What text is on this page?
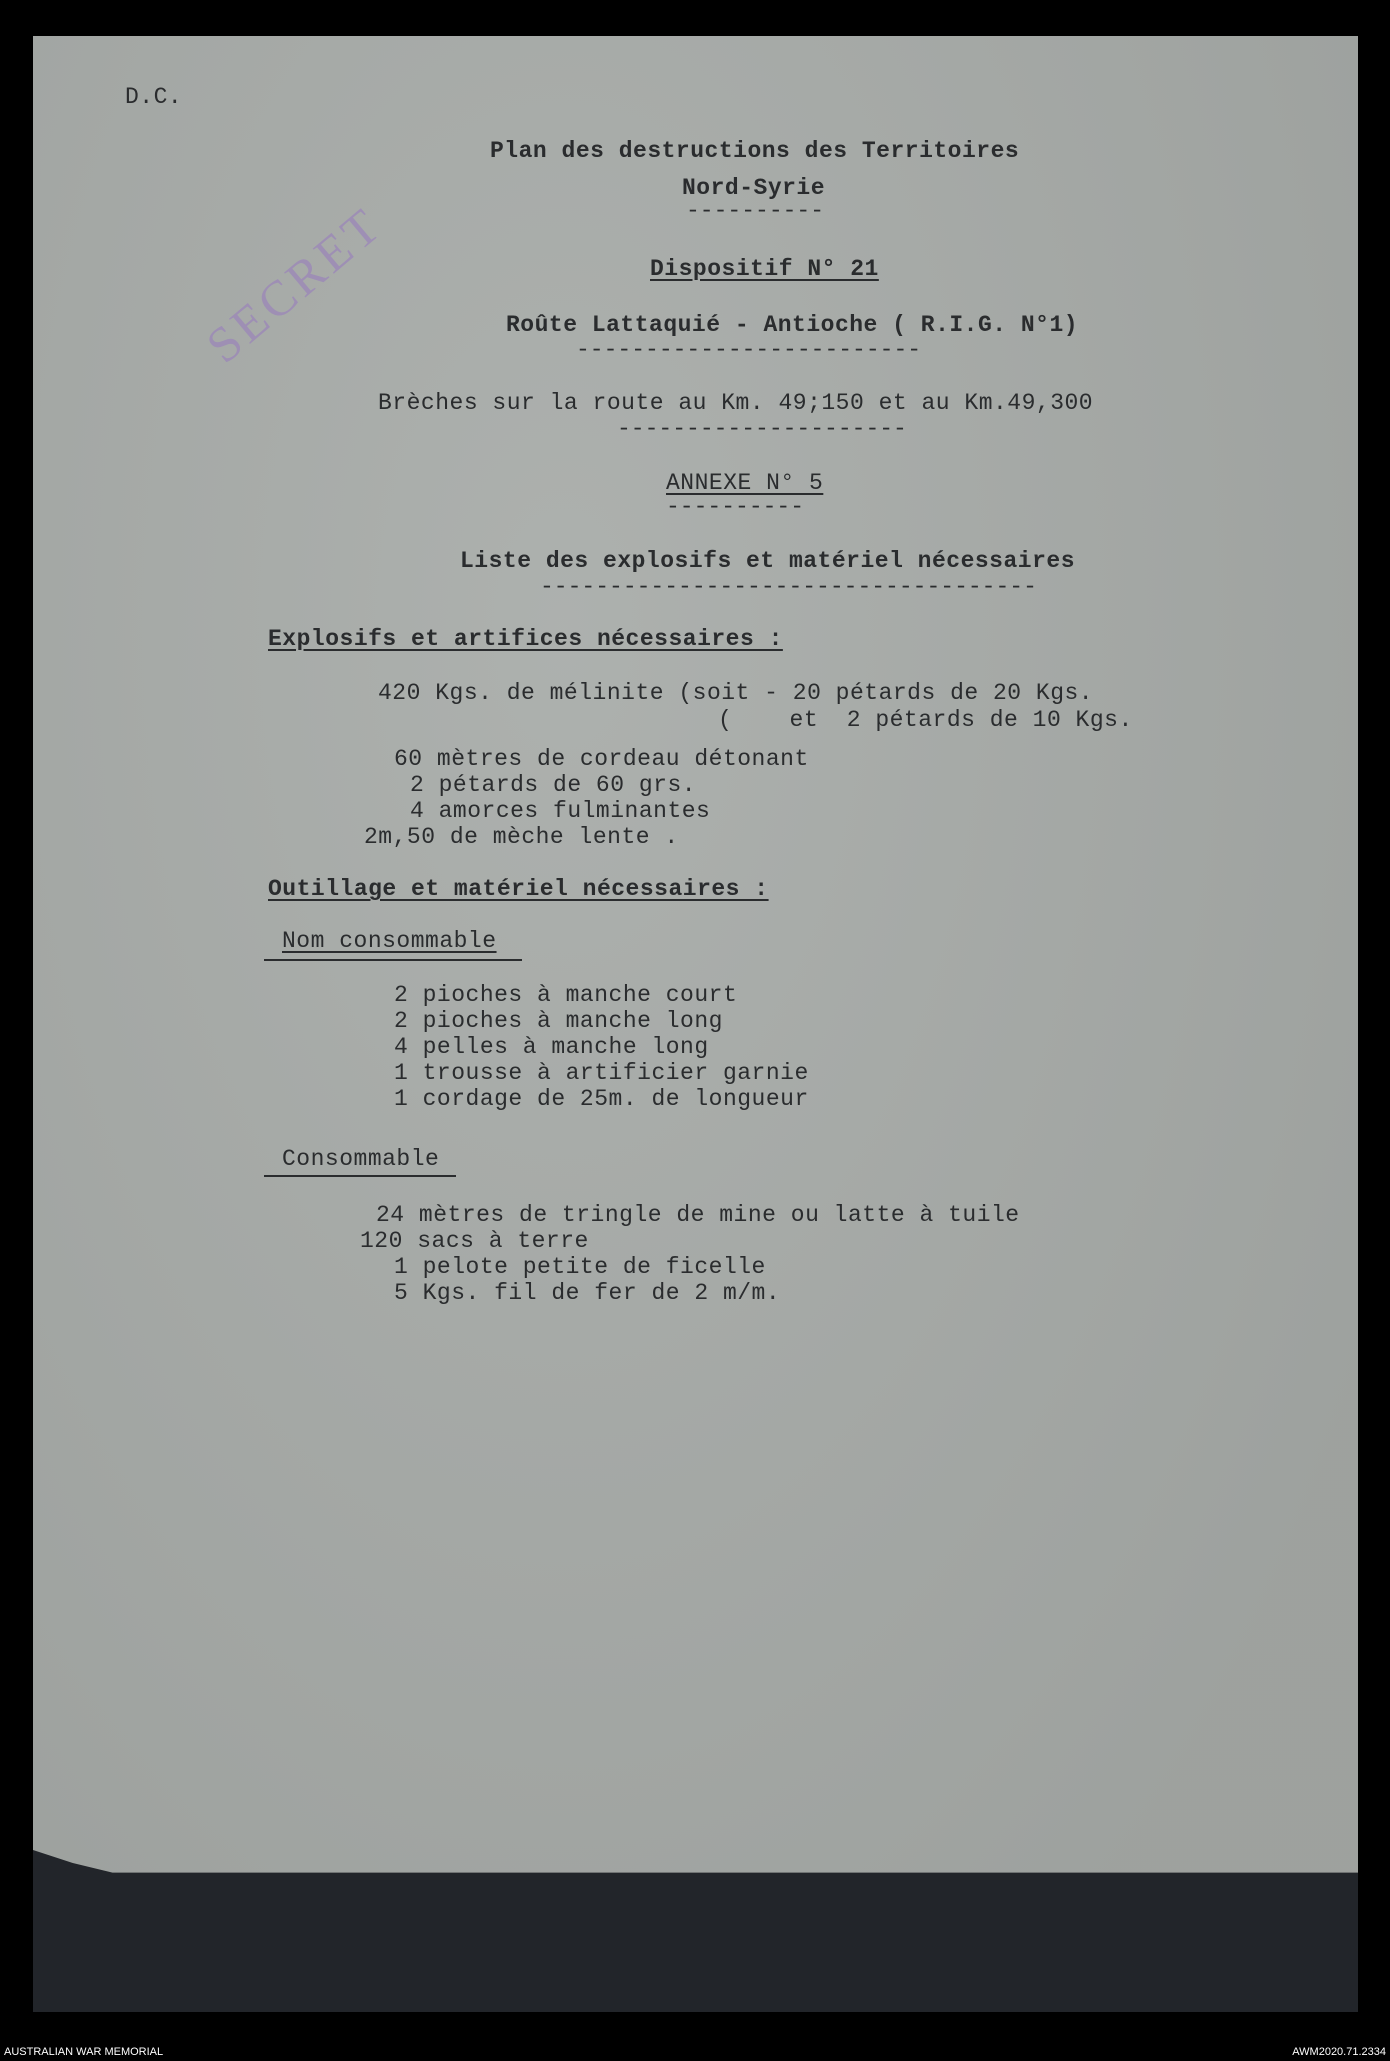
D.C.
Plan des destructions des Territoires
Nord-Syrie
----------
Dispositif N° 21
SECRET	Roûte Lattaquié - Antioche ( R.I.G. N°1)
-------------------------
Brèches sur la route au Km. 49;150 et au Km.49,300
---------------------
ANNEXE N° 5
----------
Liste des explosifs et matériel nécessaires
------------------------------------
Explosifs et artifices nécessaires :
420 Kgs. de mélinite (soit - 20 pétards de 20 Kgs.
(    et  2 pétards de 10 Kgs.
60 mètres de cordeau détonant
2 pétards de 60 grs.
4 amorces fulminantes
2m,50 de mèche lente .
Outillage et matériel nécessaires :
Nom consommable
2 pioches à manche court
2 pioches à manche long
4 pelles à manche long
1 trousse à artificier garnie
1 cordage de 25m. de longueur
Consommable
24 mètres de tringle de mine ou latte à tuile
120 sacs à terre
1 pelote petite de ficelle
5 Kgs. fil de fer de 2 m/m.
AUSTRALIAN WAR MEMORIAL	AWM2020.71.2334
